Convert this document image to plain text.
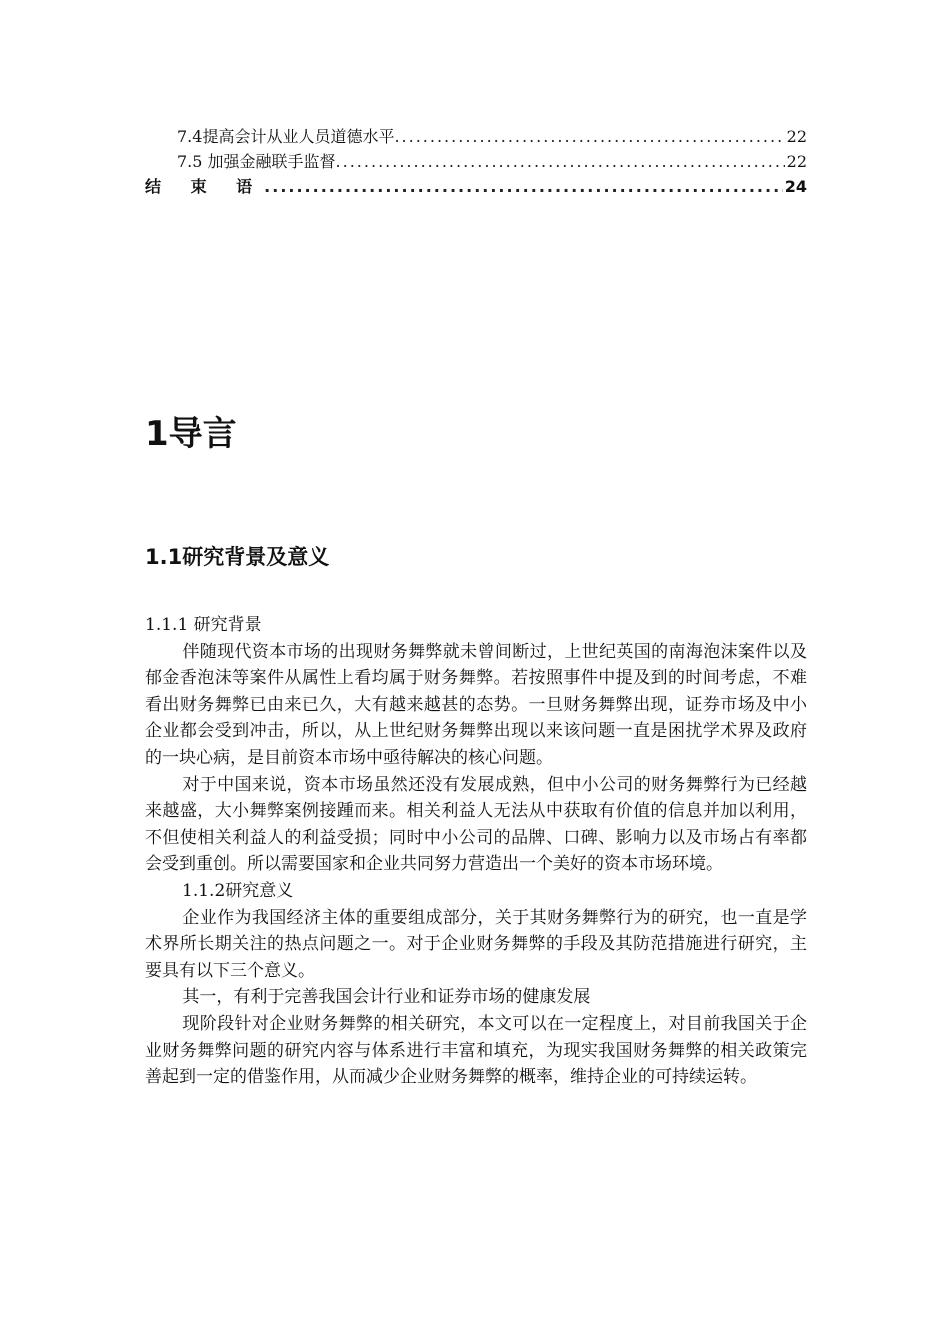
7.4提高会计从业人员道德水平 .....	22
7.5 加强金融联手监督 .....	22
结 束 语 .....	24
1导言
1.1研究背景及意义

1.1.1 研究背景

伴随现代资本市场的出现财务舞弊就未曾间断过，上世纪英国的南海泡沫案件以及郁金香泡沫等案件从属性上看均属于财务舞弊。若按照事件中提及到的时间考虑，不难看出财务舞弊已由来已久，大有越来越甚的态势。一旦财务舞弊出现，证券市场及中小企业都会受到冲击，所以，从上世纪财务舞弊出现以来该问题一直是困扰学术界及政府的一块心病，是目前资本市场中亟待解决的核心问题。

对于中国来说，资本市场虽然还没有发展成熟，但中小公司的财务舞弊行为已经越来越盛，大小舞弊案例接踵而来。相关利益人无法从中获取有价值的信息并加以利用，不但使相关利益人的利益受损；同时中小公司的品牌、口碑、影响力以及市场占有率都会受到重创。所以需要国家和企业共同努力营造出一个美好的资本市场环境。

1.1.2研究意义

企业作为我国经济主体的重要组成部分，关于其财务舞弊行为的研究，也一直是学术界所长期关注的热点问题之一。对于企业财务舞弊的手段及其防范措施进行研究，主要具有以下三个意义。

其一，有利于完善我国会计行业和证券市场的健康发展

现阶段针对企业财务舞弊的相关研究，本文可以在一定程度上，对目前我国关于企业财务舞弊问题的研究内容与体系进行丰富和填充，为现实我国财务舞弊的相关政策完善起到一定的借鉴作用，从而减少企业财务舞弊的概率，维持企业的可持续运转。
